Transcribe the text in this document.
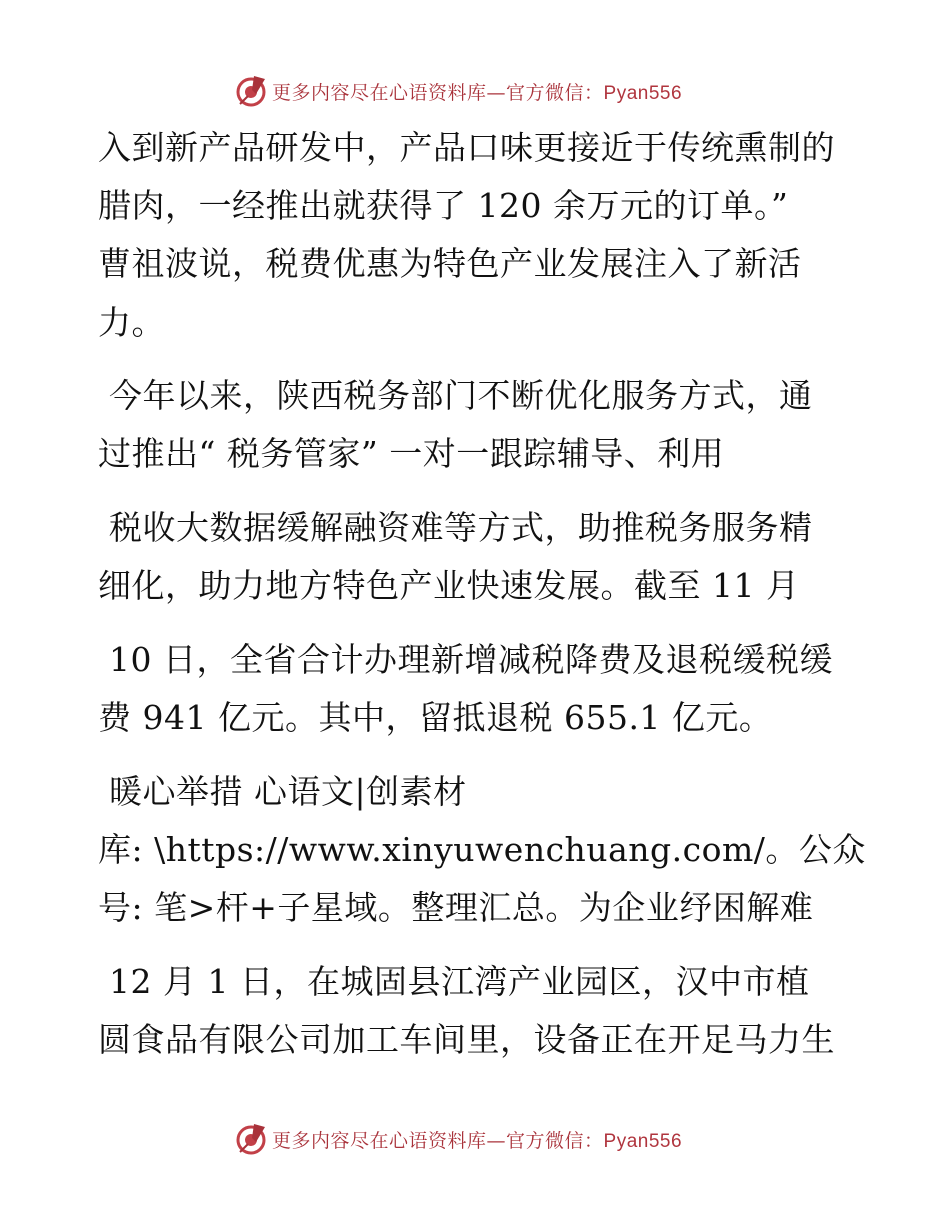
更多内容尽在心语资料库—官方微信：Pyan556
入到新产品研发中，产品口味更接近于传统熏制的
腊肉，一经推出就获得了 120 余万元的订单。”
曹祖波说，税费优惠为特色产业发展注入了新活
力。
今年以来，陕西税务部门不断优化服务方式，通
过推出“ 税务管家” 一对一跟踪辅导、利用
税收大数据缓解融资难等方式，助推税务服务精
细化，助力地方特色产业快速发展。截至 11 月
10 日，全省合计办理新增减税降费及退税缓税缓
费 941 亿元。其中，留抵退税 655.1 亿元。
暖心举措 心语文|创素材
库: \https://www.xinyuwenchuang.com/。公众
号: 笔>杆+子星域。整理汇总。为企业纾困解难
12 月 1 日，在城固县江湾产业园区，汉中市植
圆食品有限公司加工车间里，设备正在开足马力生
更多内容尽在心语资料库—官方微信：Pyan556
